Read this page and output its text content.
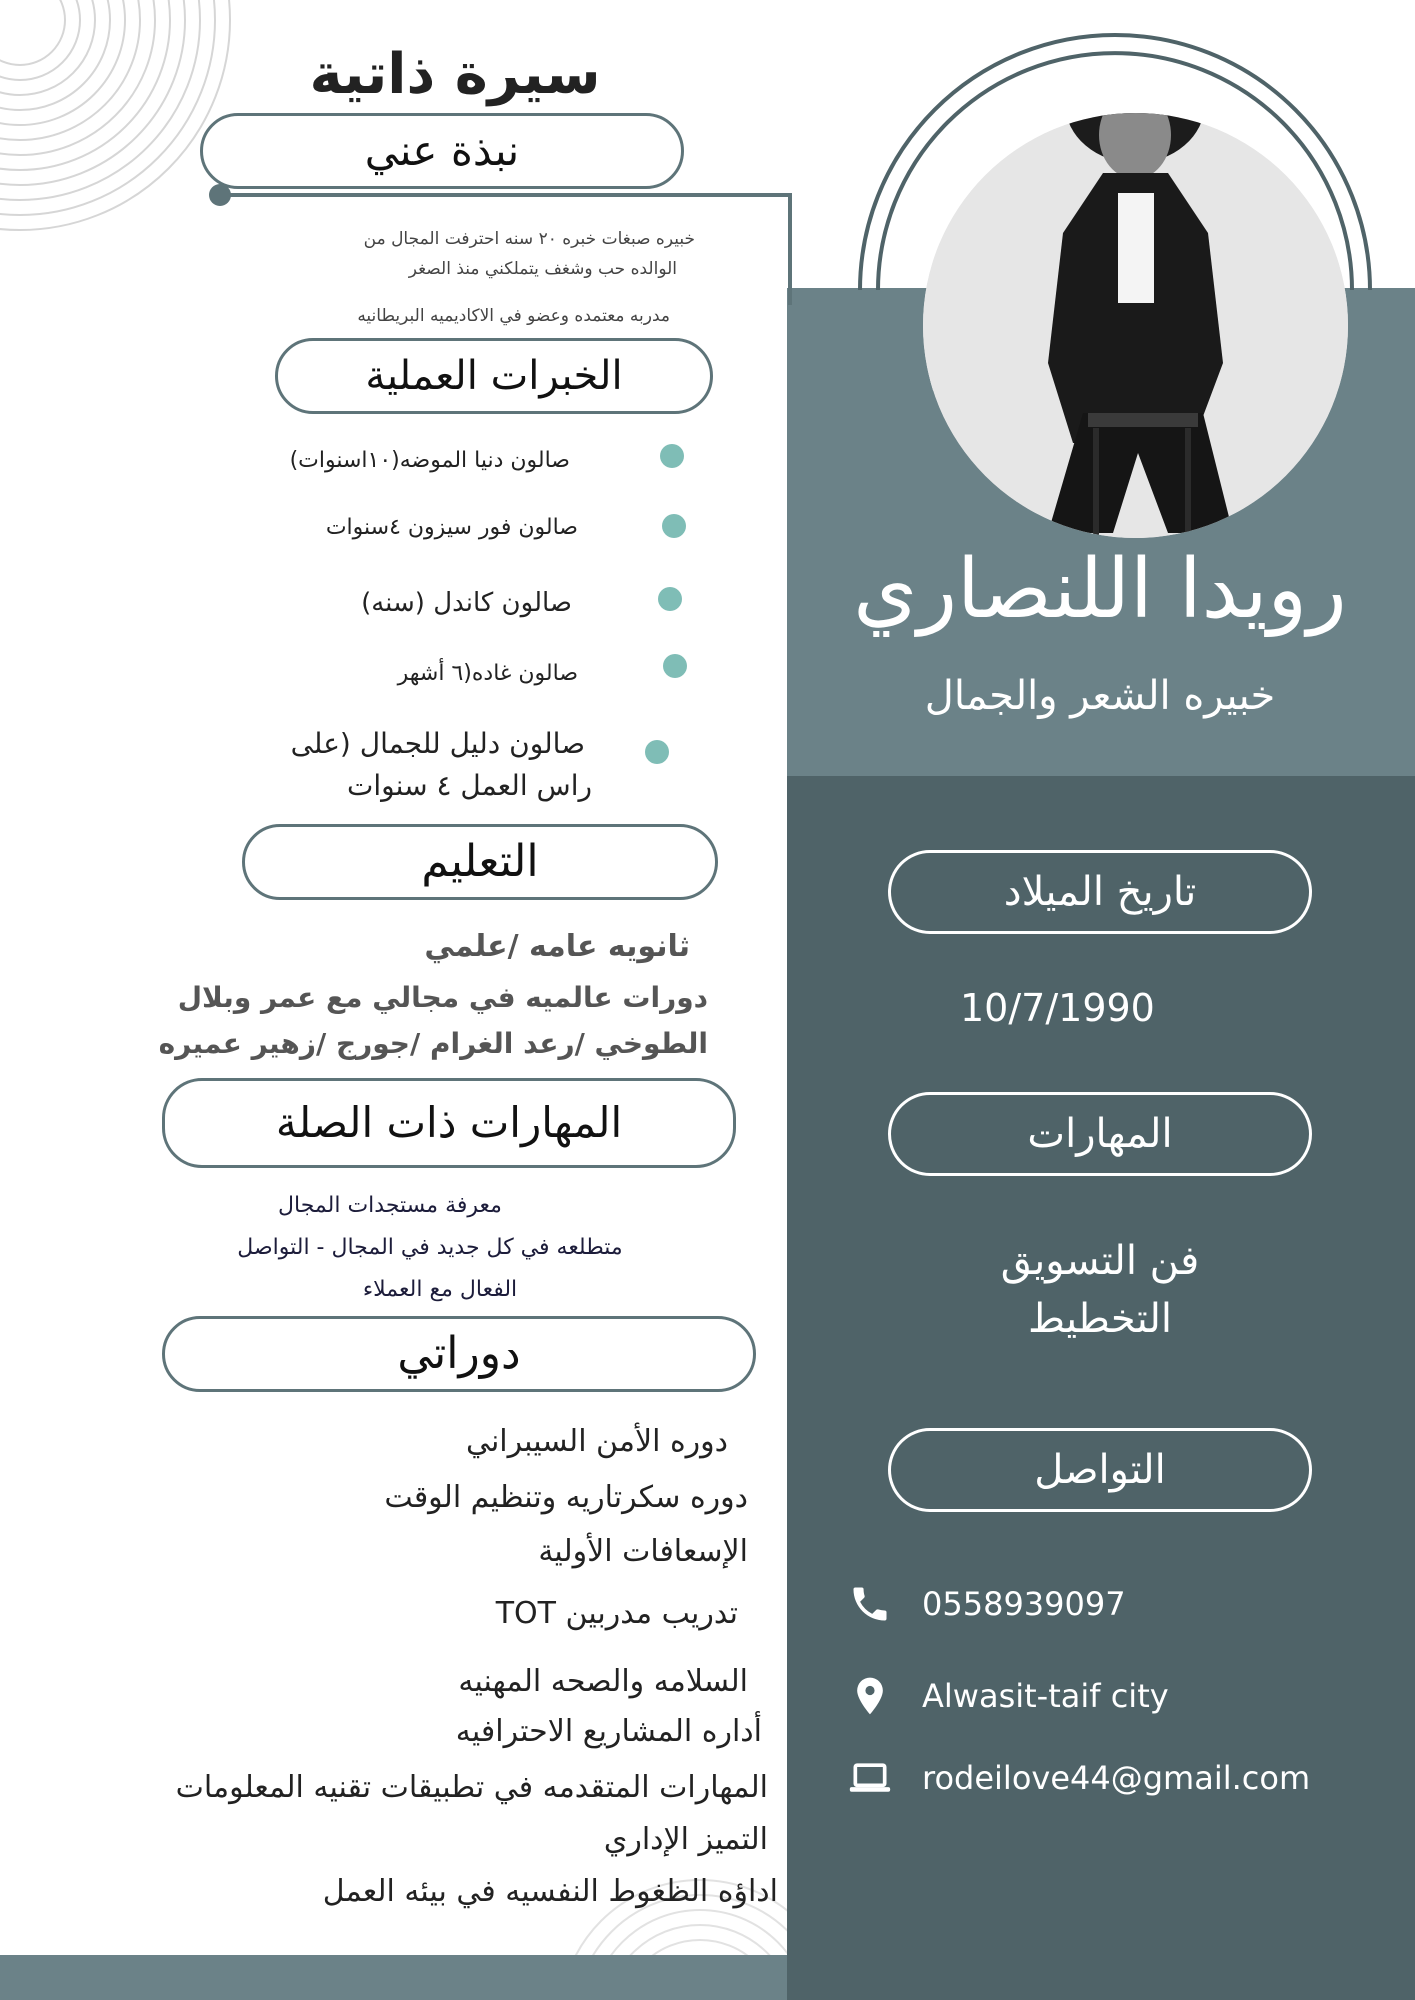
رويدا اللنصاري
خبيره الشعر والجمال
تاريخ الميلاد
10/7/1990
المهارات
فن التسويق
التخطيط
التواصل
0558939097
Alwasit-taif city
rodeilove44@gmail.com
سيرة ذاتية
نبذة عني
خبيره صبغات خبره ٢٠ سنه احترفت المجال من
الوالده حب وشغف يتملكني منذ الصغر
مدربه معتمده وعضو في الاكاديميه البريطانيه
الخبرات العملية
صالون دنيا الموضه(١٠اسنوات)
صالون فور سيزون ٤سنوات
صالون كاندل (سنه)
صالون غاده(٦ أشهر
صالون دليل للجمال (على
راس العمل ٤ سنوات
التعليم
ثانويه عامه /علمي
دورات عالميه في مجالي مع عمر وبلال
الطوخي /رعد الغرام /جورج /زهير عميره
المهارات ذات الصلة
معرفة مستجدات المجال
متطلعه في كل جديد في المجال - التواصل
الفعال مع العملاء
دوراتي
دوره الأمن السيبراني
دوره سكرتاريه وتنظيم الوقت
الإسعافات الأولية
تدريب مدربين TOT
السلامه والصحه المهنيه
أداره المشاريع الاحترافيه
المهارات المتقدمه في تطبيقات تقنيه المعلومات
التميز الإداري
اداؤه الظغوط النفسيه في بيئه العمل
